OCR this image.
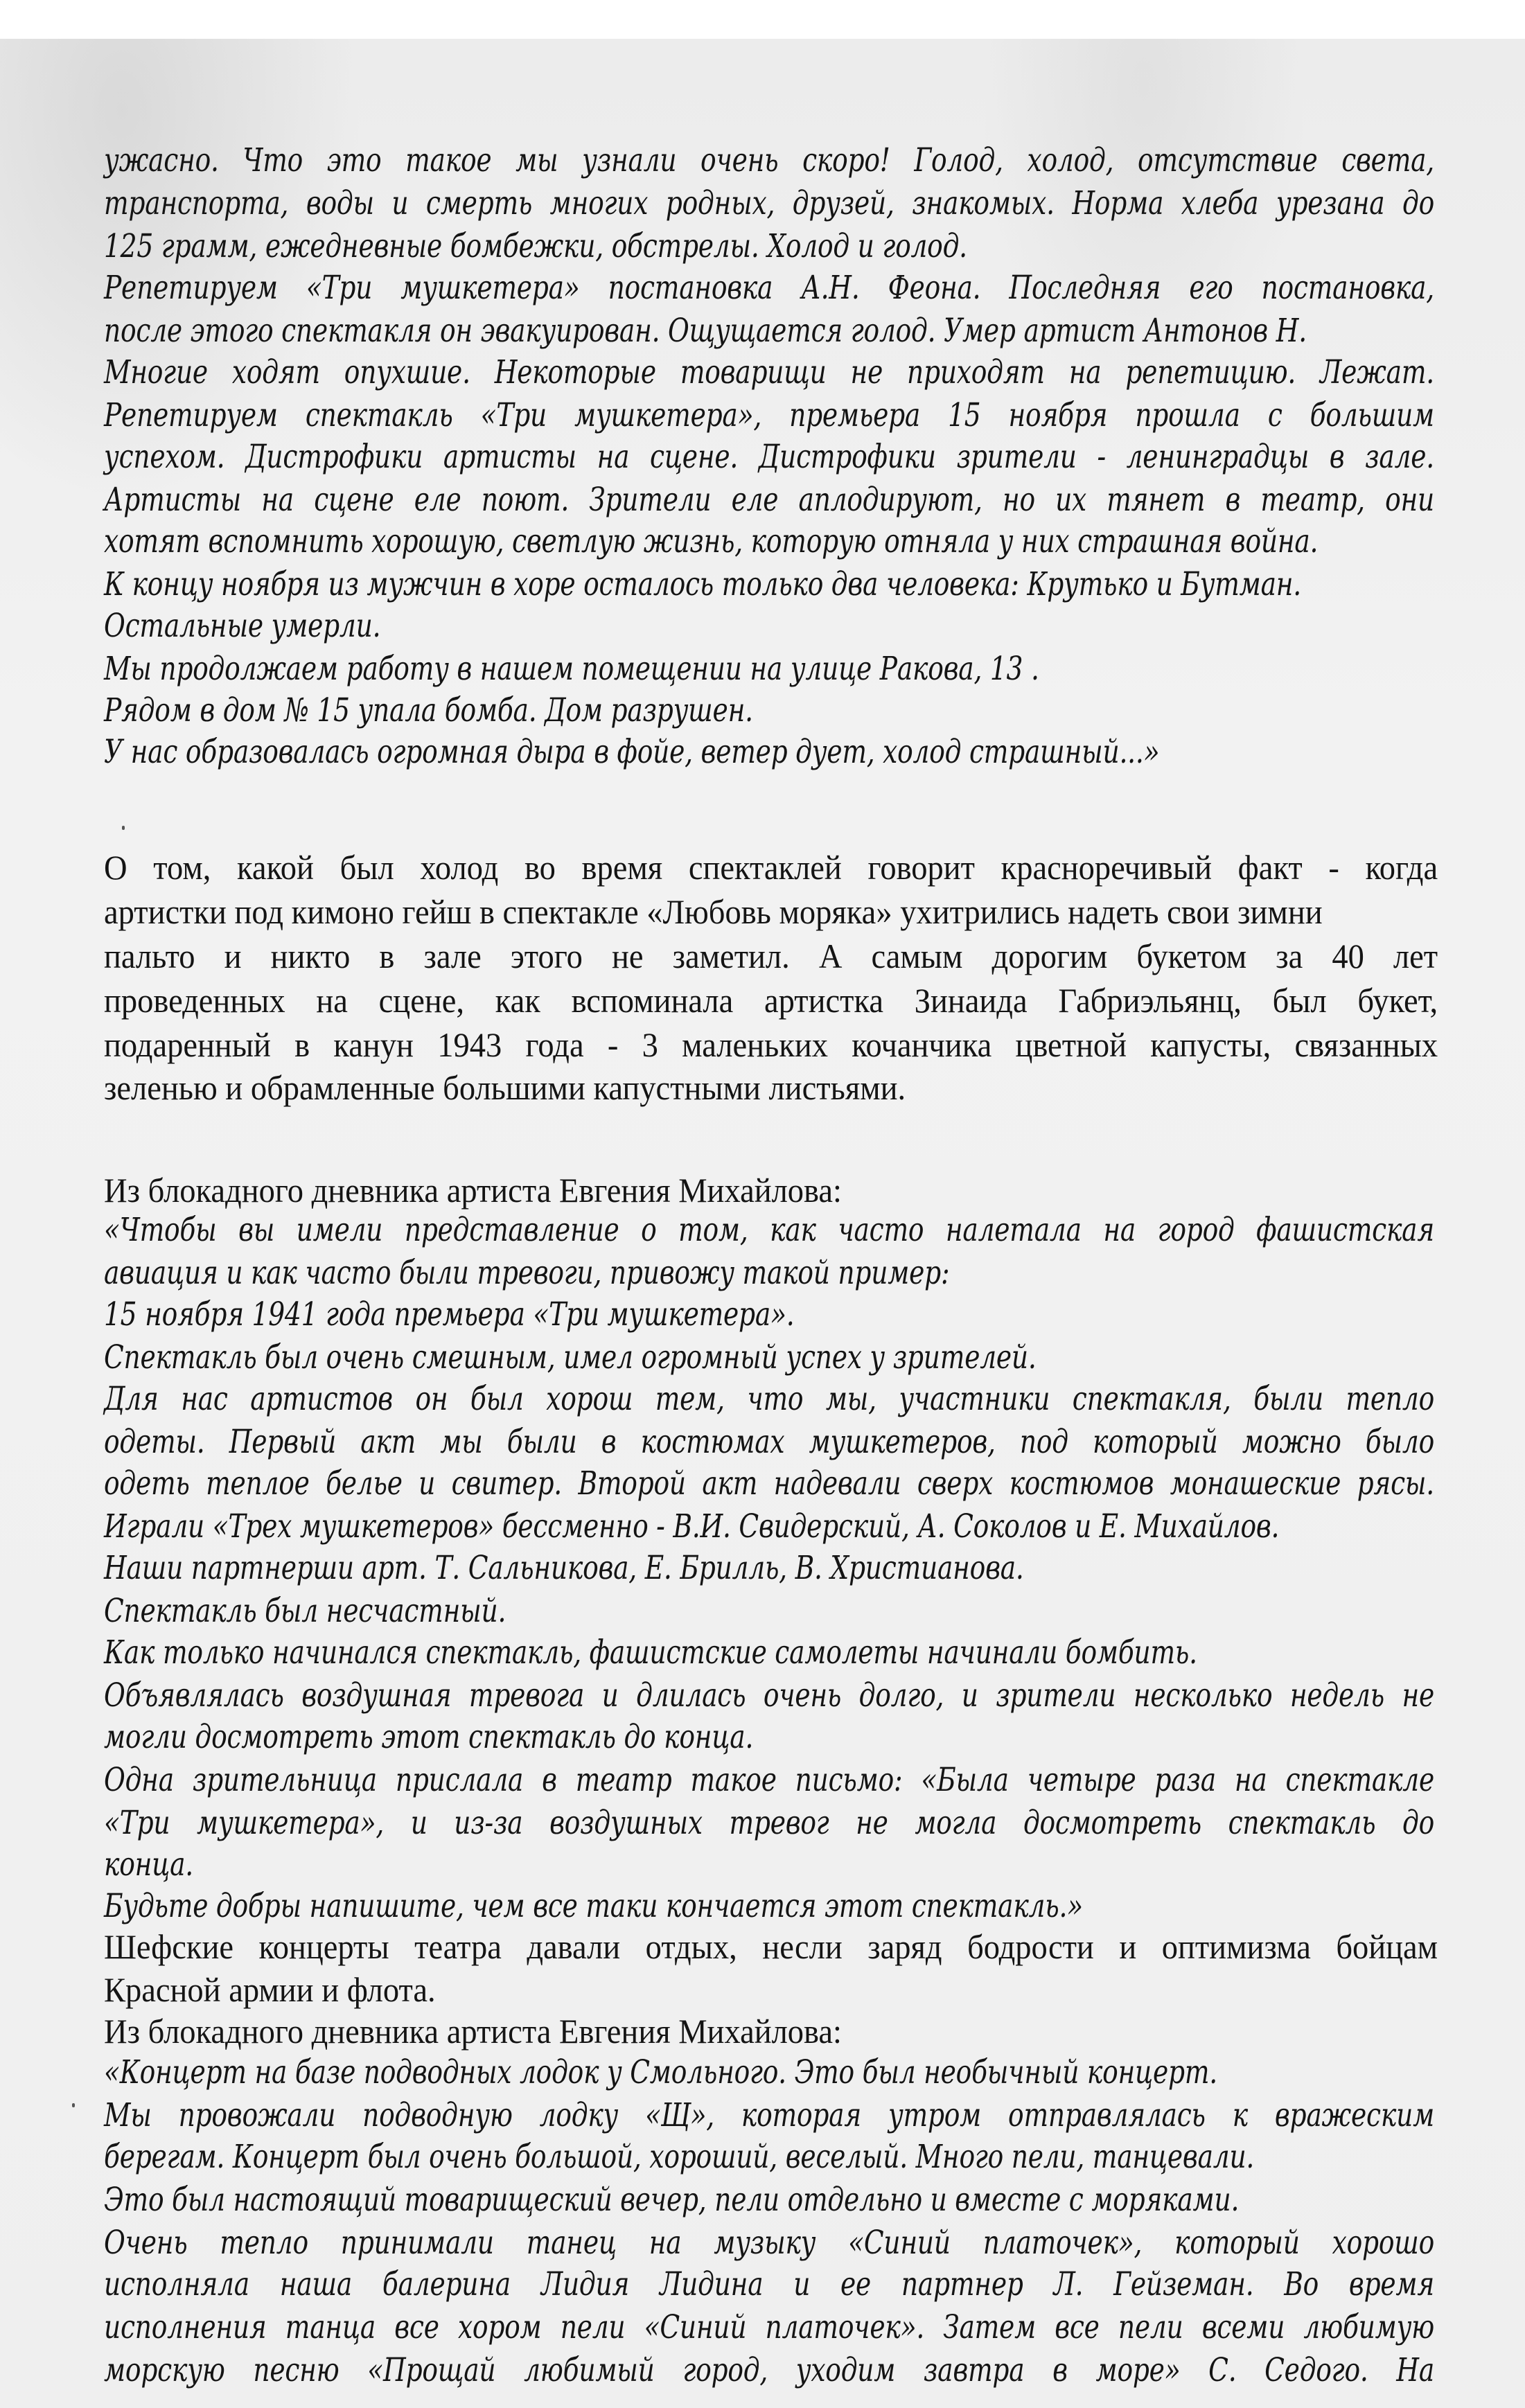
ужасно. Что это такое мы узнали очень скоро! Голод, холод, отсутствие света,
транспорта, воды и смерть многих родных, друзей, знакомых. Норма хлеба урезана до
125 грамм, ежедневные бомбежки, обстрелы. Холод и голод.
Репетируем «Три мушкетера» постановка А.Н. Феона. Последняя его постановка,
после этого спектакля он эвакуирован. Ощущается голод. Умер артист Антонов Н.
Многие ходят опухшие. Некоторые товарищи не приходят на репетицию. Лежат.
Репетируем спектакль «Три мушкетера», премьера 15 ноября прошла с большим
успехом. Дистрофики артисты на сцене. Дистрофики зрители - ленинградцы в зале.
Артисты на сцене еле поют. Зрители еле аплодируют, но их тянет в театр, они
хотят вспомнить хорошую, светлую жизнь, которую отняла у них страшная война.
К концу ноября из мужчин в хоре осталось только два человека: Крутько и Бутман.
Остальные умерли.
Мы продолжаем работу в нашем помещении на улице Ракова, 13 .
Рядом в дом № 15 упала бомба. Дом разрушен.
У нас образовалась огромная дыра в фойе, ветер дует, холод страшный...»
О том, какой был холод во время спектаклей говорит красноречивый факт - когда
артистки под кимоно гейш в спектакле «Любовь моряка» ухитрились надеть свои зимни
пальто и никто в зале этого не заметил. А самым дорогим букетом за 40 лет
проведенных на сцене, как вспоминала артистка Зинаида Габриэльянц, был букет,
подаренный в канун 1943 года - 3 маленьких кочанчика цветной капусты, связанных
зеленью и обрамленные большими капустными листьями.
Из блокадного дневника артиста Евгения Михайлова:
«Чтобы вы имели представление о том, как часто налетала на город фашистская
авиация и как часто были тревоги, привожу такой пример:
15 ноября 1941 года премьера «Три мушкетера».
Спектакль был очень смешным, имел огромный успех у зрителей.
Для нас артистов он был хорош тем, что мы, участники спектакля, были тепло
одеты. Первый акт мы были в костюмах мушкетеров, под который можно было
одеть теплое белье и свитер. Второй акт надевали сверх костюмов монашеские рясы.
Играли «Трех мушкетеров» бессменно - В.И. Свидерский, А. Соколов и Е. Михайлов.
Наши партнерши арт. Т. Сальникова, Е. Брилль, В. Христианова.
Спектакль был несчастный.
Как только начинался спектакль, фашистские самолеты начинали бомбить.
Объявлялась воздушная тревога и длилась очень долго, и зрители несколько недель не
могли досмотреть этот спектакль до конца.
Одна зрительница прислала в театр такое письмо: «Была четыре раза на спектакле
«Три мушкетера», и из-за воздушных тревог не могла досмотреть спектакль до
конца.
Будьте добры напишите, чем все таки кончается этот спектакль.»
Шефские концерты театра давали отдых, несли заряд бодрости и оптимизма бойцам
Красной армии и флота.
Из блокадного дневника артиста Евгения Михайлова:
«Концерт на базе подводных лодок у Смольного. Это был необычный концерт.
Мы провожали подводную лодку «Щ», которая утром отправлялась к вражеским
берегам. Концерт был очень большой, хороший, веселый. Много пели, танцевали.
Это был настоящий товарищеский вечер, пели отдельно и вместе с моряками.
Очень тепло принимали танец на музыку «Синий платочек», который хорошо
исполняла наша балерина Лидия Лидина и ее партнер Л. Гейземан. Во время
исполнения танца все хором пели «Синий платочек». Затем все пели всеми любимую
морскую песню «Прощай любимый город, уходим завтра в море» С. Седого. На
